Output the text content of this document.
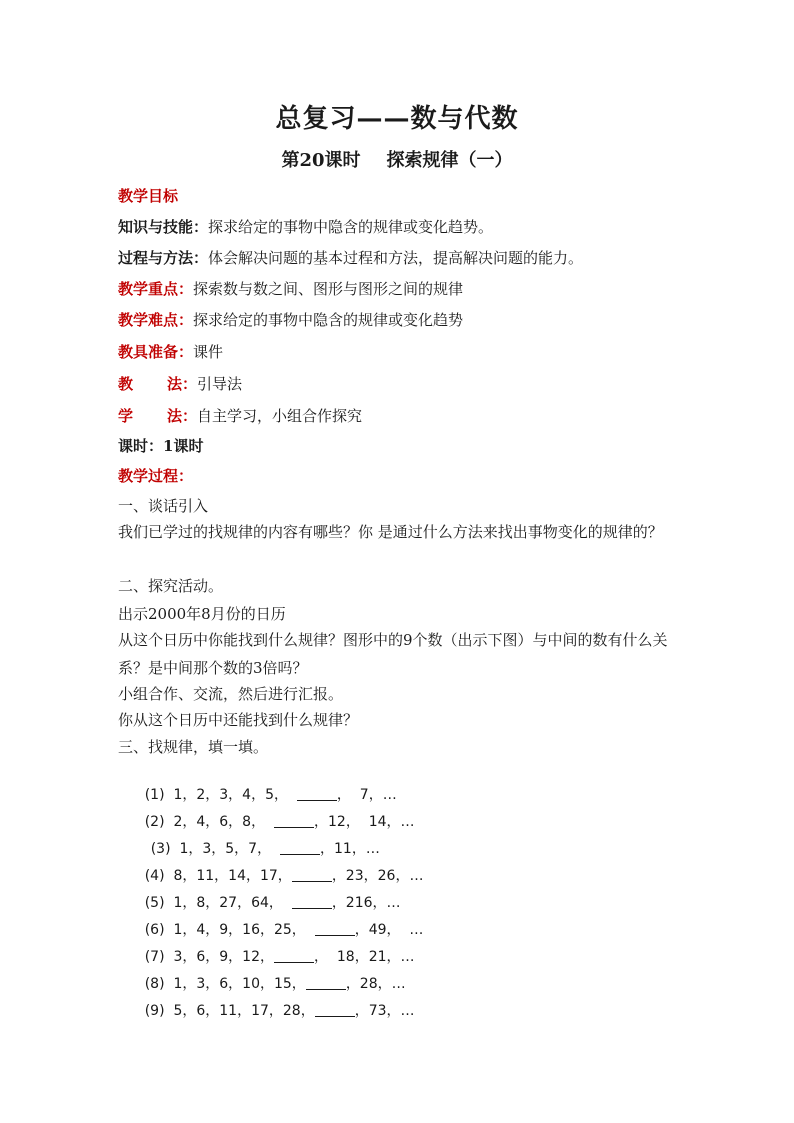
总复习——数与代数
第20课时 探索规律（一）
教学目标
知识与技能：探求给定的事物中隐含的规律或变化趋势。
过程与方法：体会解决问题的基本过程和方法，提高解决问题的能力。
教学重点：探索数与数之间、图形与图形之间的规律
教学难点：探求给定的事物中隐含的规律或变化趋势
教具准备：课件
教 法：引导法
学 法：自主学习，小组合作探究
课时：1课时
教学过程：
一、谈话引入
我们已学过的找规律的内容有哪些？你 是通过什么方法来找出事物变化的规律的？
二、探究活动。
出示2000年8月份的日历
从这个日历中你能找到什么规律？图形中的9个数（出示下图）与中间的数有什么关系？是中间那个数的3倍吗？
小组合作、交流，然后进行汇报。
你从这个日历中还能找到什么规律？
三、找规律，填一填。

(1) 1，2，3，4，5，	，  7，…

(2) 2，4，6，8，	，12，  14，…

(3) 1，3，5，7，	，11，…

(4) 8，11，14，17，	，23，26，…

(5) 1，8，27，64，	，216，…

(6) 1，4，9，16，25，	，49，  …

(7) 3，6，9，12，	，  18，21，…

(8) 1，3，6，10，15，	，28，…

(9) 5，6，11，17，28，	，73，…
